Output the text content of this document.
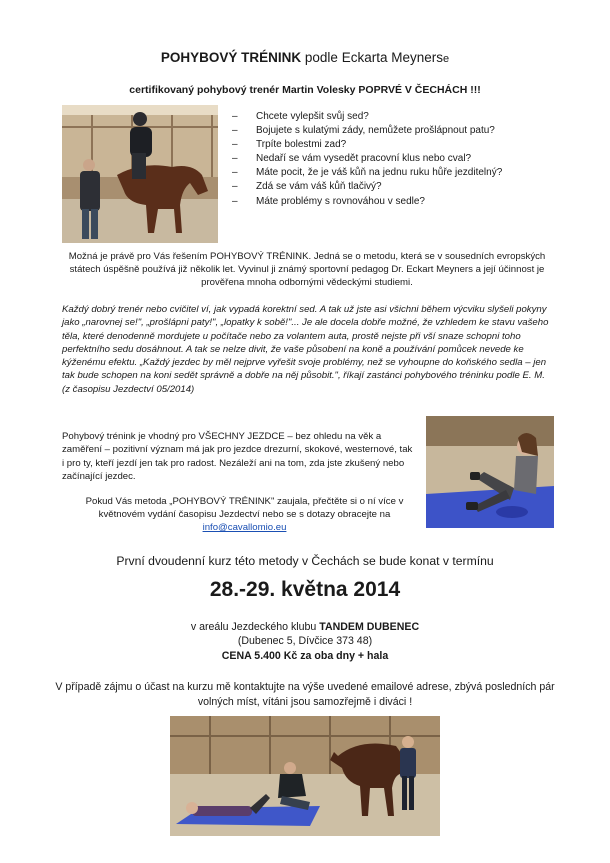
POHYBOVÝ TRÉNINK podle Eckarta Meynerse
certifikovaný pohybový trenér Martin Volesky POPRVÉ V ČECHÁCH !!!
– Chcete vylepšit svůj sed?
– Bojujete s kulatými zády, nemůžete prošlápnout patu?
– Trpíte bolestmi zad?
– Nedaří se vám vysedět pracovní klus nebo cval?
– Máte pocit, že je váš kůň na jednu ruku hůře jezditelný?
– Zdá se vám váš kůň tlačivý?
– Máte problémy s rovnováhou v sedle?
Možná je právě pro Vás řešením POHYBOVÝ TRÉNINK. Jedná se o metodu, která se v sousedních evropských státech úspěšně používá již několik let. Vyvinul ji známý sportovní pedagog Dr. Eckart Meyners a její účinnost je prověřena mnoha odbornými vědeckými studiemi.
Každý dobrý trenér nebo cvičitel ví, jak vypadá korektní sed. A tak už jste asi všichni během výcviku slyšeli pokyny jako „narovnej se!", „prošlápni paty!", „lopatky k sobě!"... Je ale docela dobře možné, že vzhledem ke stavu vašeho těla, které denodenně mordujete u počítače nebo za volantem auta, prostě nejste při vší snaze schopni toho perfektního sedu dosáhnout. A tak se nelze divit, že vaše působení na koně a používání pomůcek nevede ke kýženému efektu. „Každý jezdec by měl nejprve vyřešit svoje problémy, než se vyhoupne do koňského sedla – jen tak bude schopen na koni sedět správně a dobře na něj působit.", říkají zastánci pohybového tréninku podle E. M. (z časopisu Jezdectví 05/2014)
Pohybový trénink je vhodný pro VŠECHNY JEZDCE – bez ohledu na věk a zaměření – pozitivní význam má jak pro jezdce drezurní, skokové, westernové, tak i pro ty, kteří jezdí jen tak pro radost. Nezáleží ani na tom, zda jste zkušený nebo začínající jezdec.
Pokud Vás metoda „POHYBOVÝ TRÉNINK" zaujala, přečtěte si o ní více v květnovém vydání časopisu Jezdectví nebo se s dotazy obracejte na
info@cavallomio.eu
První dvoudenní kurz této metody v Čechách se bude konat v termínu
28.-29. května 2014
v areálu Jezdeckého klubu TANDEM DUBENEC
(Dubenec 5, Dívčice 373 48)
CENA 5.400 Kč za oba dny + hala
V případě zájmu o účast na kurzu mě kontaktujte na výše uvedené emailové adrese, zbývá posledních pár volných míst, vítáni jsou samozřejmě i diváci !
